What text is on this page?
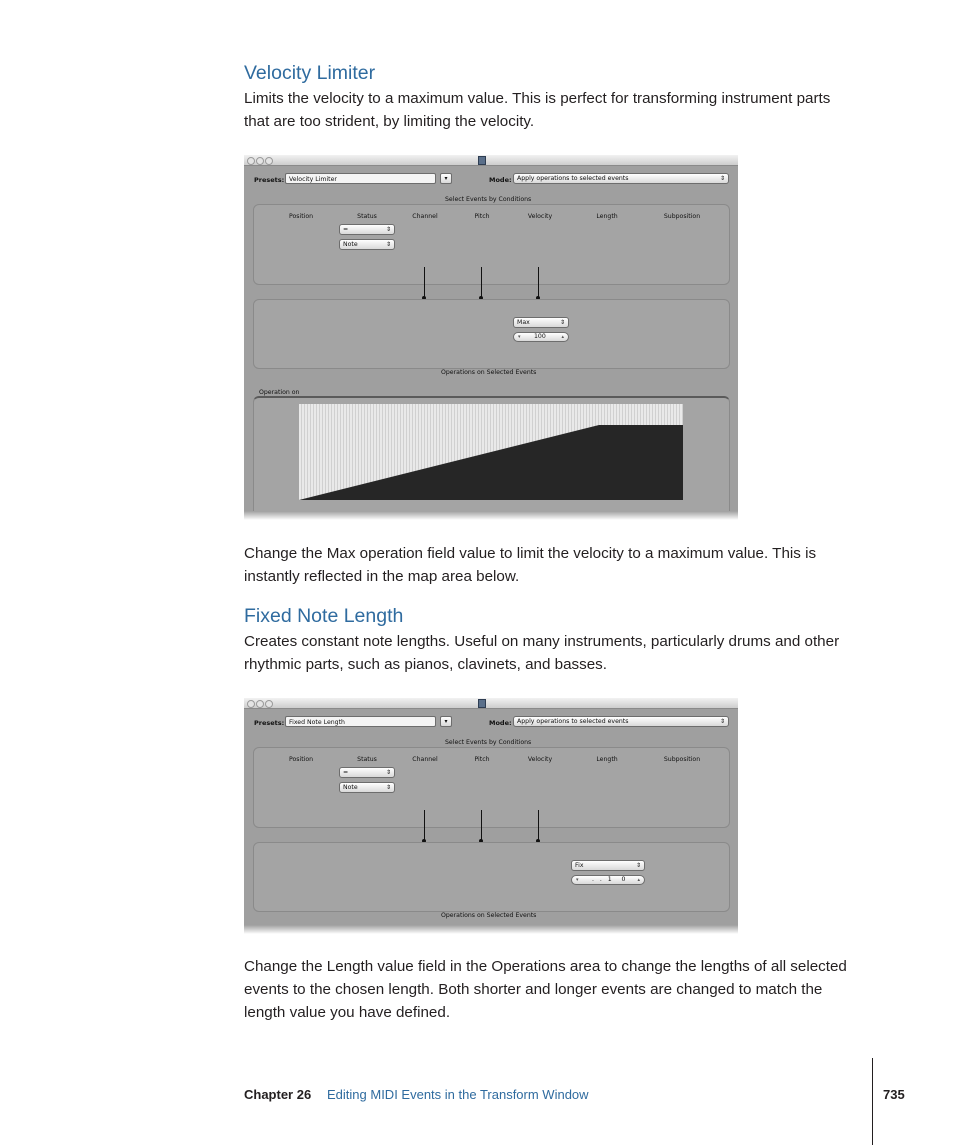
Velocity Limiter

Limits the velocity to a maximum value. This is perfect for transforming instrument parts
that are too strident, by limiting the velocity.

Presets: Velocity Limiter	▾	Mode: Apply operations to selected events	⇕
Select Events by Conditions
Position	Status	Channel	Pitch	Velocity	Length	Subposition
=	⇕
Note	⇕
Max	⇕
▾ 100	▴
Operations on Selected Events
Operation on

Change the Max operation field value to limit the velocity to a maximum value. This is
instantly reflected in the map area below.

Fixed Note Length

Creates constant note lengths. Useful on many instruments, particularly drums and other
rhythmic parts, such as pianos, clavinets, and basses.

Presets: Fixed Note Length	▾	Mode: Apply operations to selected events	⇕
Select Events by Conditions
Position	Status	Channel	Pitch	Velocity	Length	Subposition
=	⇕
Note	⇕
Fix	⇕
▾ .   .   1     0 ▴
Operations on Selected Events

Change the Length value field in the Operations area to change the lengths of all selected
events to the chosen length. Both shorter and longer events are changed to match the
length value you have defined.

Chapter 26 Editing MIDI Events in the Transform Window	735
